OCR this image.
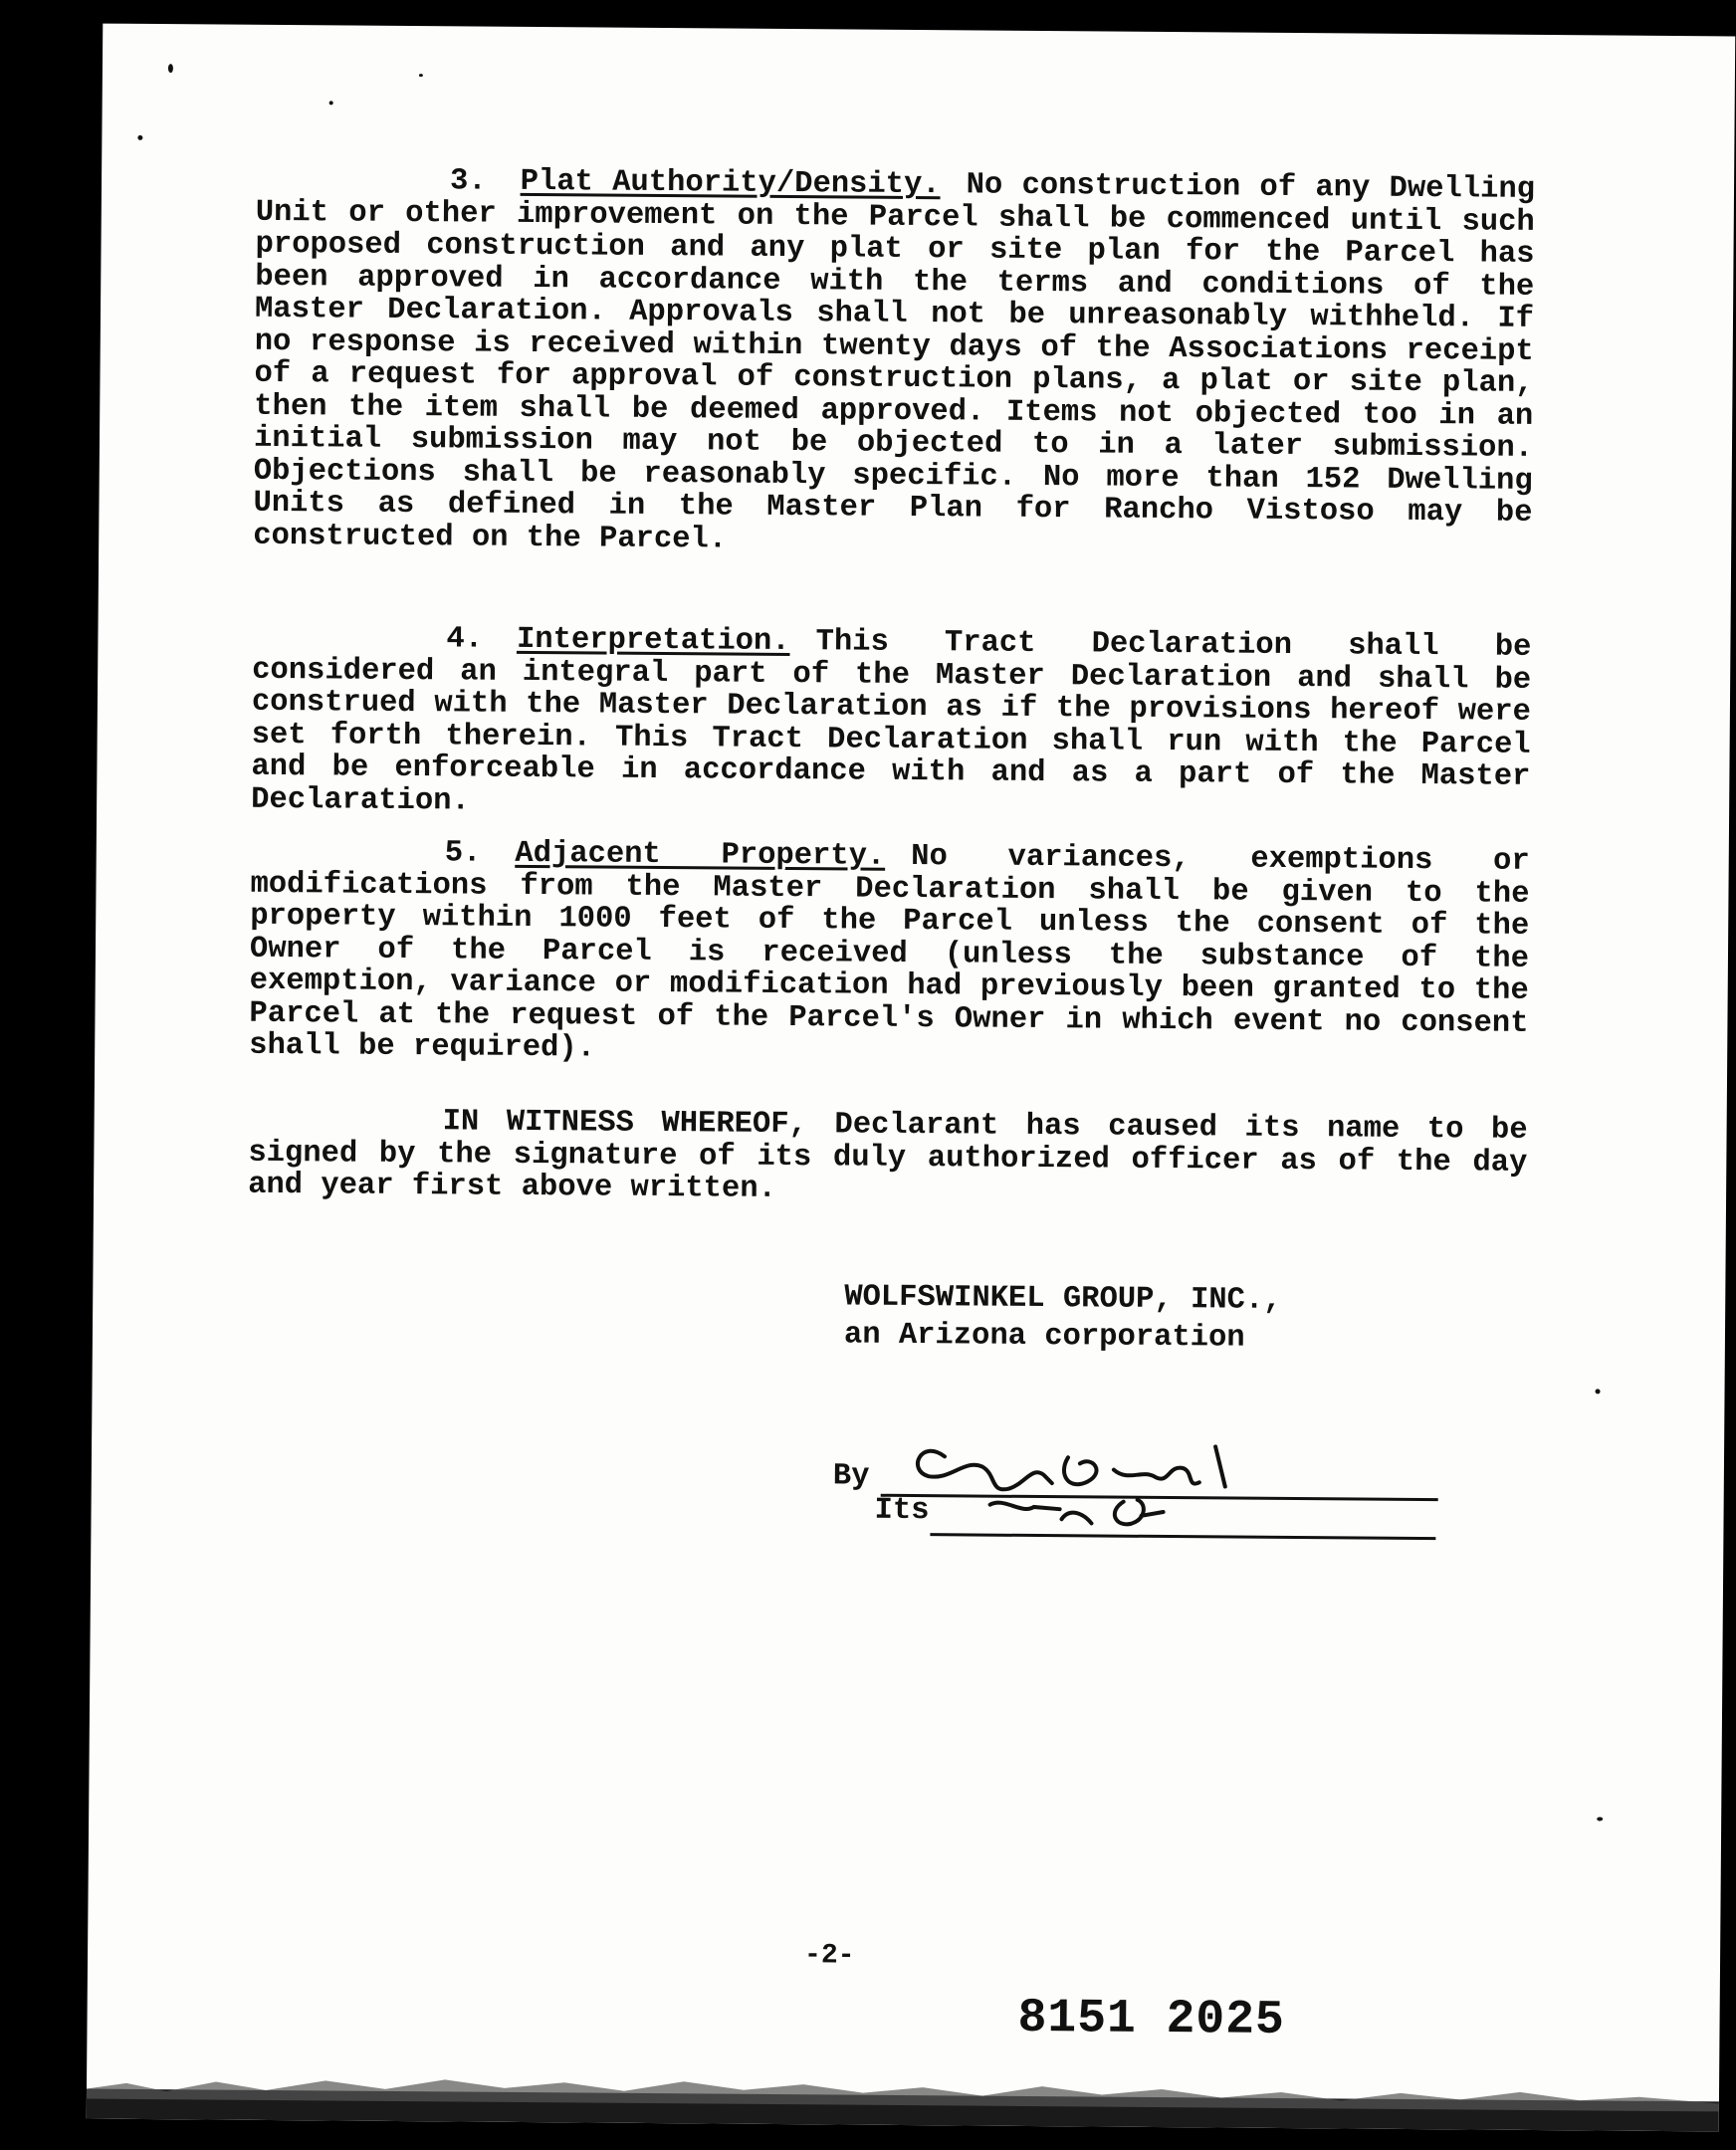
3. Plat Authority/Density. No construction of any Dwelling Unit or other improvement on the Parcel shall be commenced until such proposed construction and any plat or site plan for the Parcel has been approved in accordance with the terms and conditions of the Master Declaration. Approvals shall not be unreasonably withheld. If no response is received within twenty days of the Associations receipt of a request for approval of construction plans, a plat or site plan, then the item shall be deemed approved. Items not objected too in an initial submission may not be objected to in a later submission. Objections shall be reasonably specific. No more than 152 Dwelling Units as defined in the Master Plan for Rancho Vistoso may be constructed on the Parcel.

4. Interpretation. This Tract Declaration shall be considered an integral part of the Master Declaration and shall be construed with the Master Declaration as if the provisions hereof were set forth therein. This Tract Declaration shall run with the Parcel and be enforceable in accordance with and as a part of the Master Declaration.

5. Adjacent Property. No variances, exemptions or modifications from the Master Declaration shall be given to the property within 1000 feet of the Parcel unless the consent of the Owner of the Parcel is received (unless the substance of the exemption, variance or modification had previously been granted to the Parcel at the request of the Parcel's Owner in which event no consent shall be required).

IN WITNESS WHEREOF, Declarant has caused its name to be signed by the signature of its duly authorized officer as of the day and year first above written.

WOLFSWINKEL GROUP, INC.,
an Arizona corporation
By
Its
-2-
8151 2025
